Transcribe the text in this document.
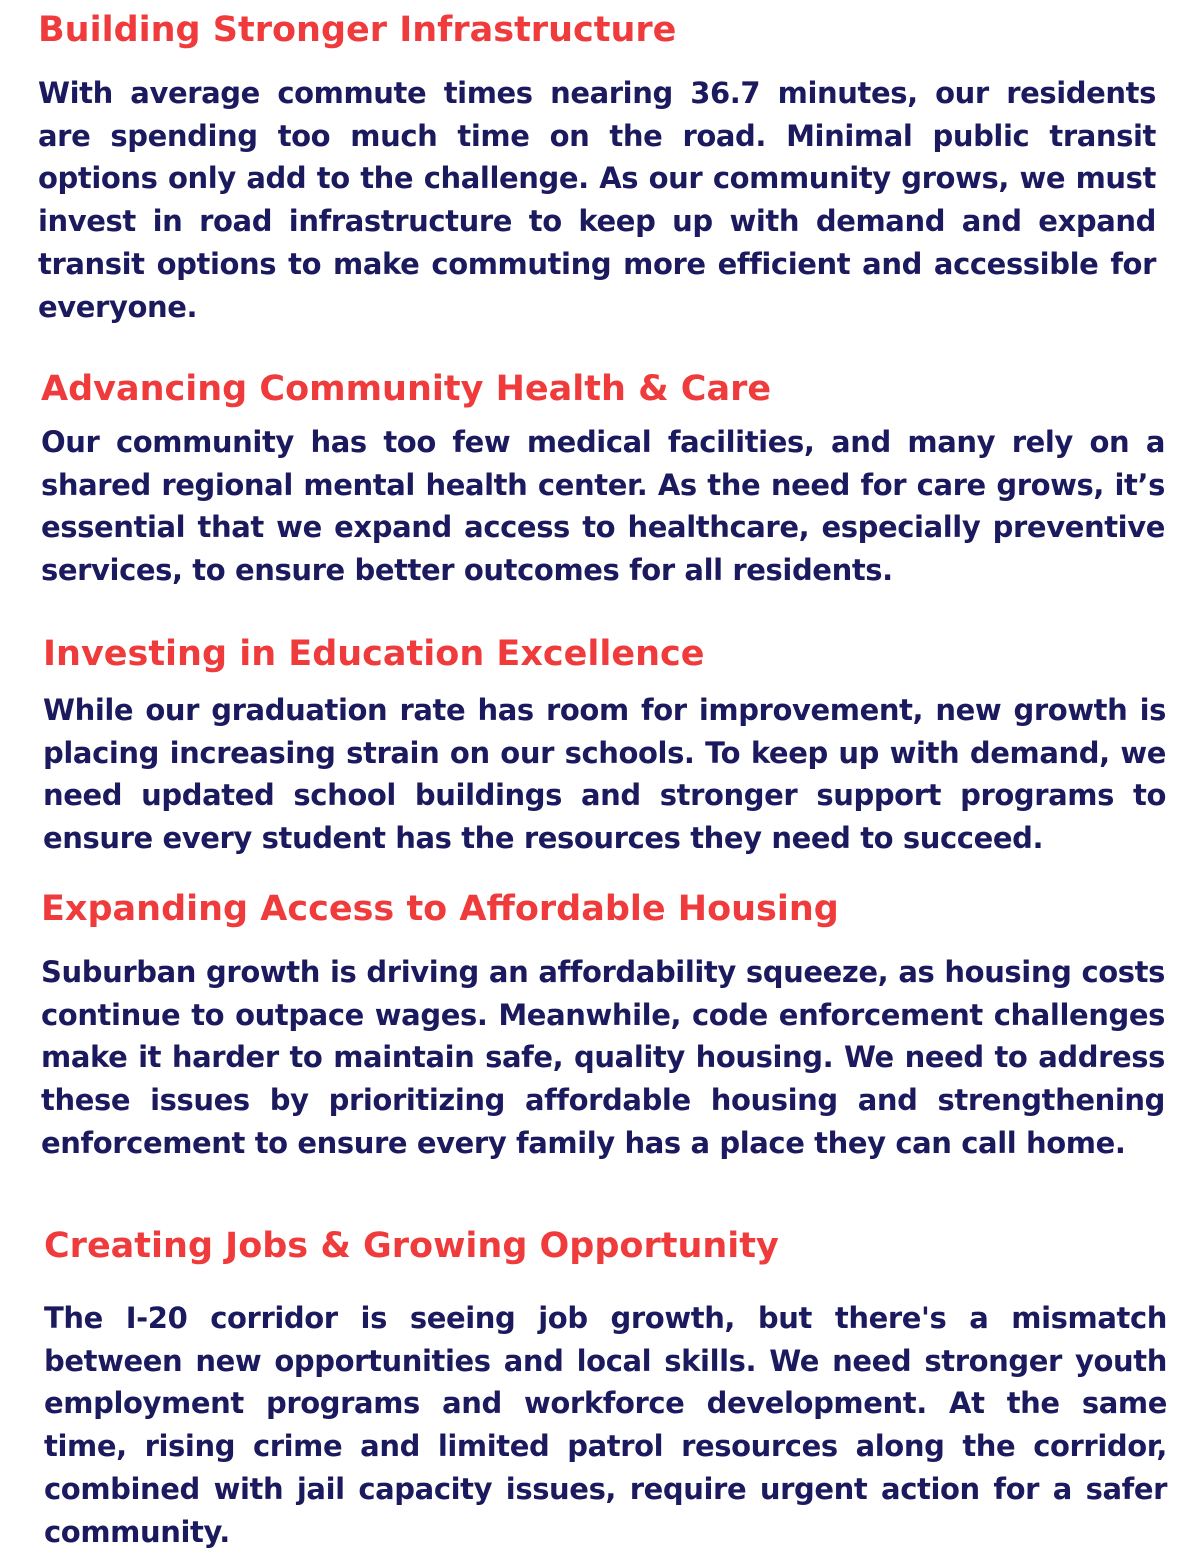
Building Stronger Infrastructure

With average commute times nearing 36.7 minutes, our residents are spending too much time on the road. Minimal public transit options only add to the challenge. As our community grows, we must invest in road infrastructure to keep up with demand and expand transit options to make commuting more efficient and accessible for everyone.

Advancing Community Health & Care

Our community has too few medical facilities, and many rely on a shared regional mental health center. As the need for care grows, it’s essential that we expand access to healthcare, especially preventive services, to ensure better outcomes for all residents.

Investing in Education Excellence

While our graduation rate has room for improvement, new growth is placing increasing strain on our schools. To keep up with demand, we need updated school buildings and stronger support programs to ensure every student has the resources they need to succeed.

Expanding Access to Affordable Housing

Suburban growth is driving an affordability squeeze, as housing costs continue to outpace wages. Meanwhile, code enforcement challenges make it harder to maintain safe, quality housing. We need to address these issues by prioritizing affordable housing and strengthening enforcement to ensure every family has a place they can call home.

Creating Jobs & Growing Opportunity

The I-20 corridor is seeing job growth, but there's a mismatch between new opportunities and local skills. We need stronger youth employment programs and workforce development. At the same time, rising crime and limited patrol resources along the corridor, combined with jail capacity issues, require urgent action for a safer community.
